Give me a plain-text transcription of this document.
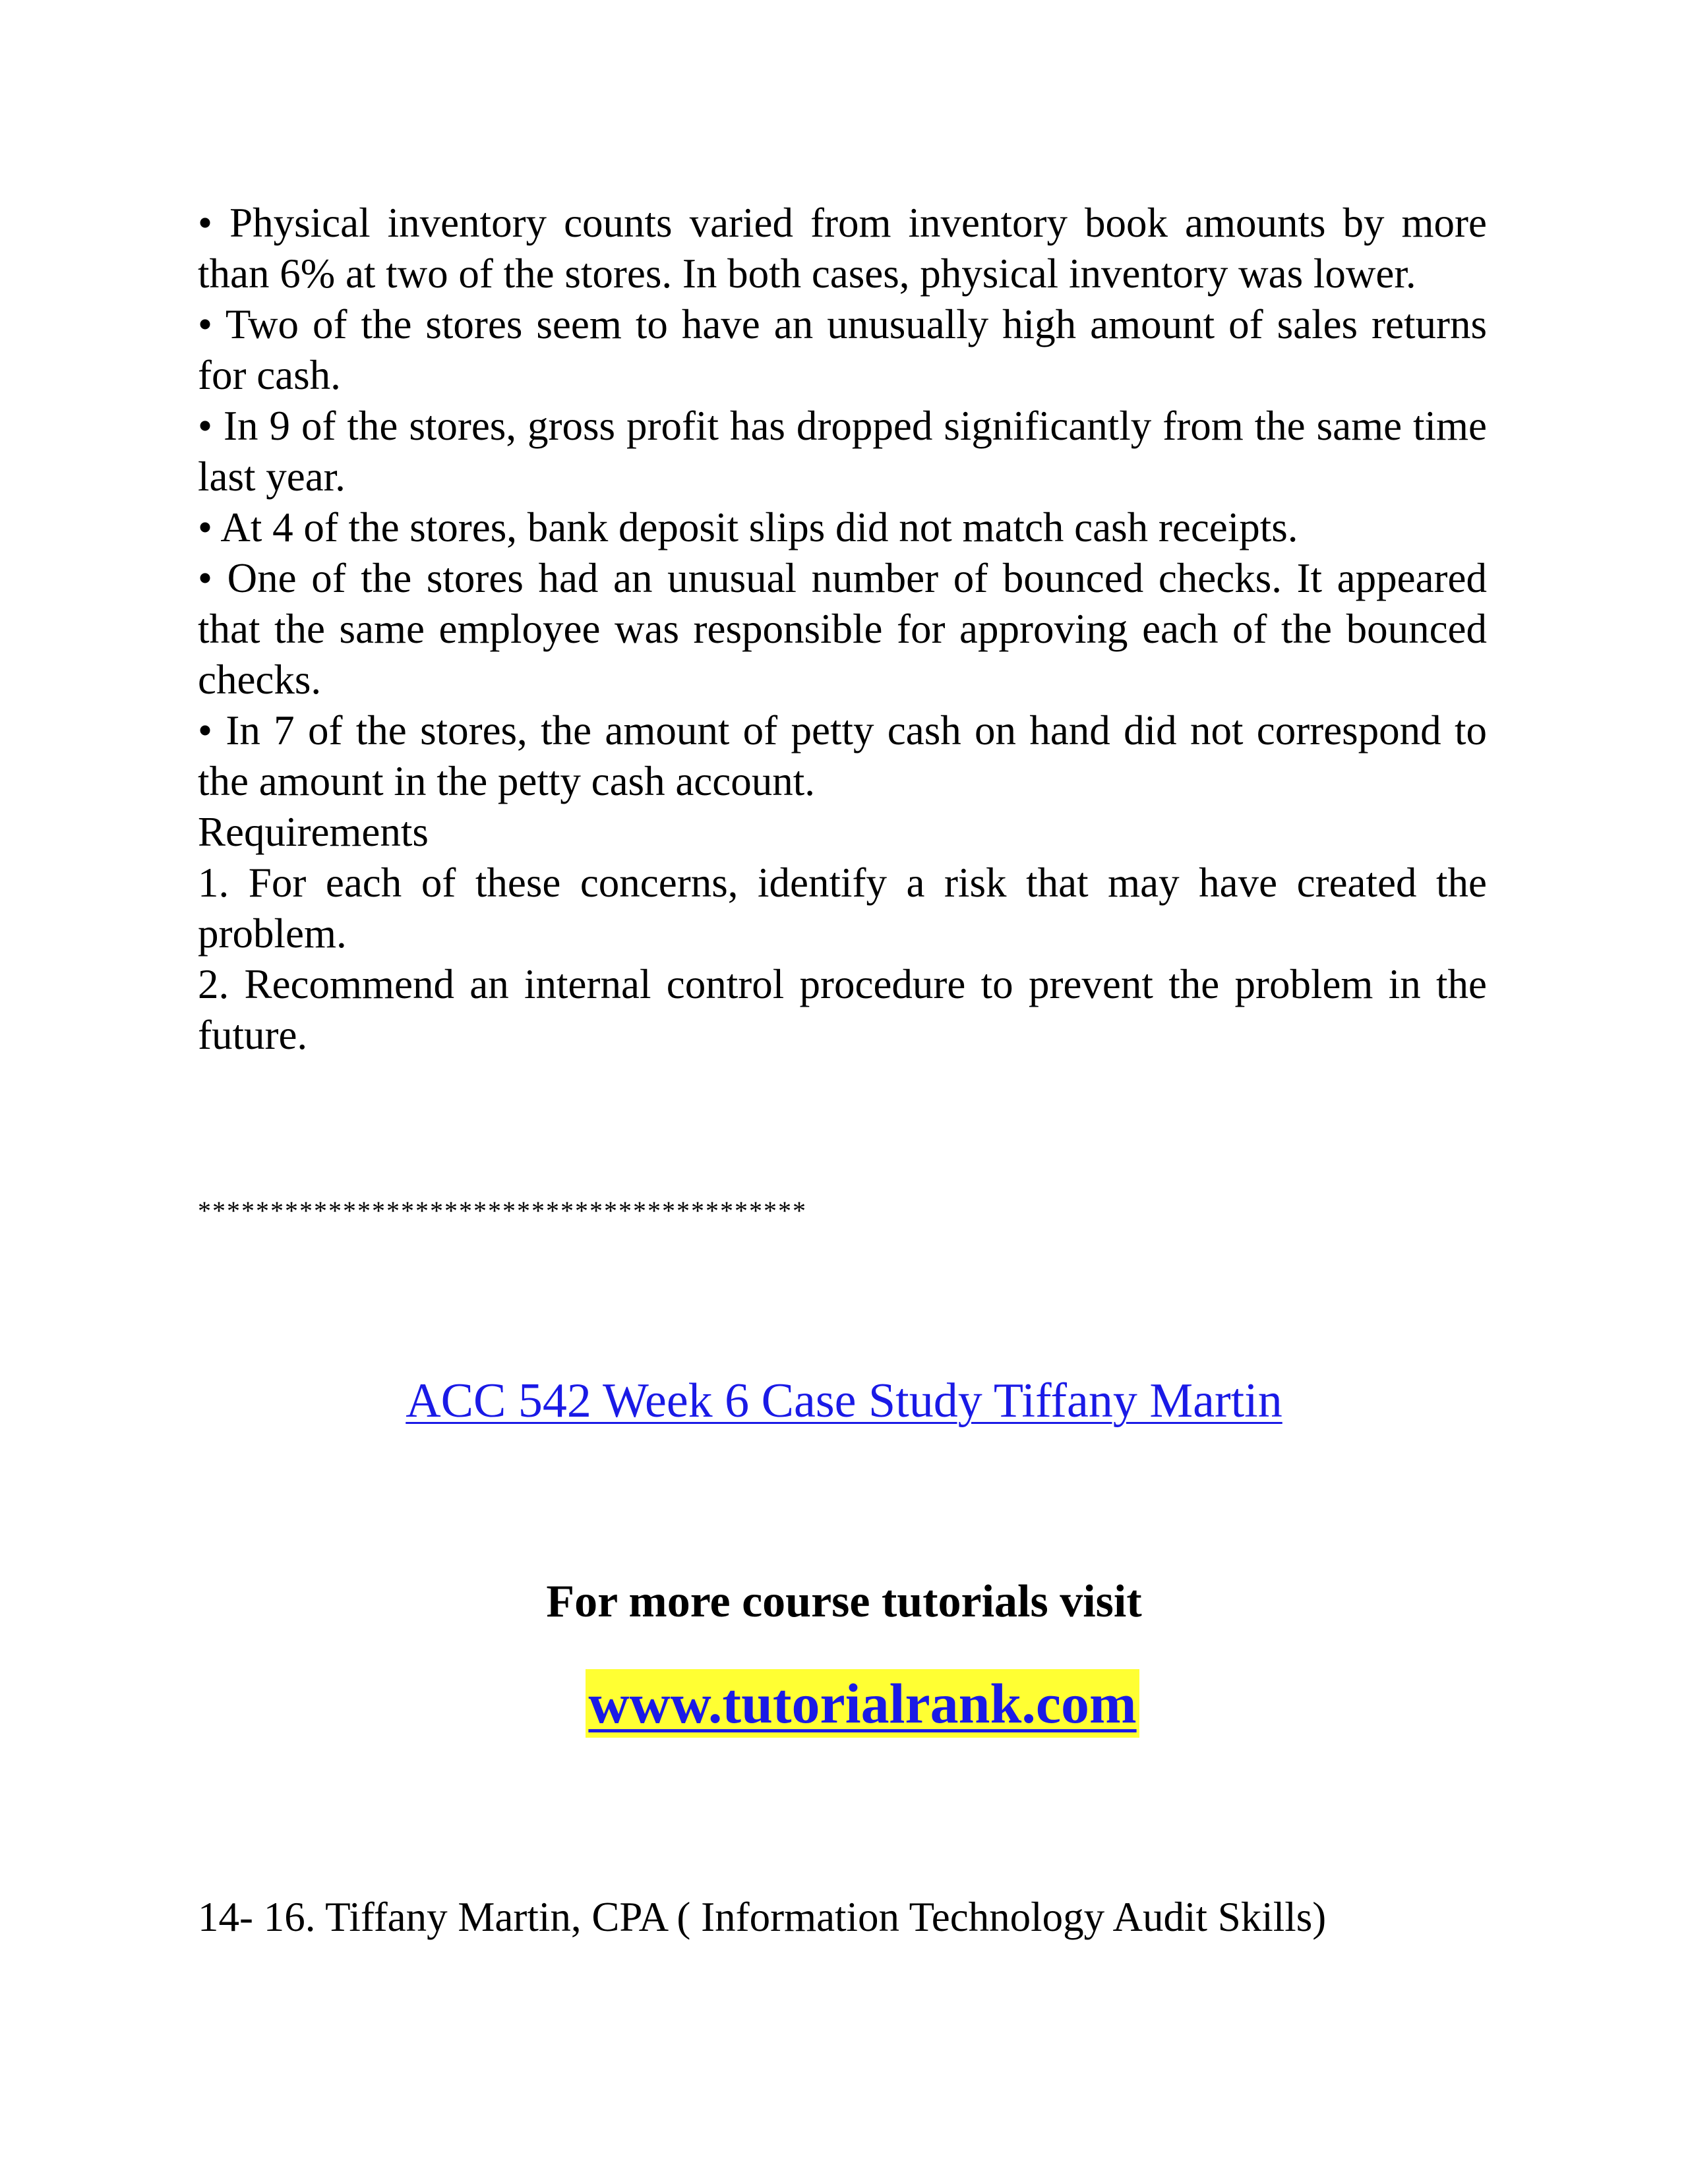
• Physical inventory counts varied from inventory book amounts by more than 6% at two of the stores. In both cases, physical inventory was lower.

• Two of the stores seem to have an unusually high amount of sales returns for cash.

• In 9 of the stores, gross profit has dropped significantly from the same time last year.

• At 4 of the stores, bank deposit slips did not match cash receipts.

• One of the stores had an unusual number of bounced checks. It appeared that the same employee was responsible for approving each of the bounced checks.

• In 7 of the stores, the amount of petty cash on hand did not correspond to the amount in the petty cash account.

Requirements

1. For each of these concerns, identify a risk that may have created the problem.

2. Recommend an internal control procedure to prevent the problem in the future.

******************************************
ACC 542 Week 6 Case Study Tiffany Martin
For more course tutorials visit
www.tutorialrank.com
14- 16. Tiffany Martin, CPA ( Information Technology Audit Skills)
